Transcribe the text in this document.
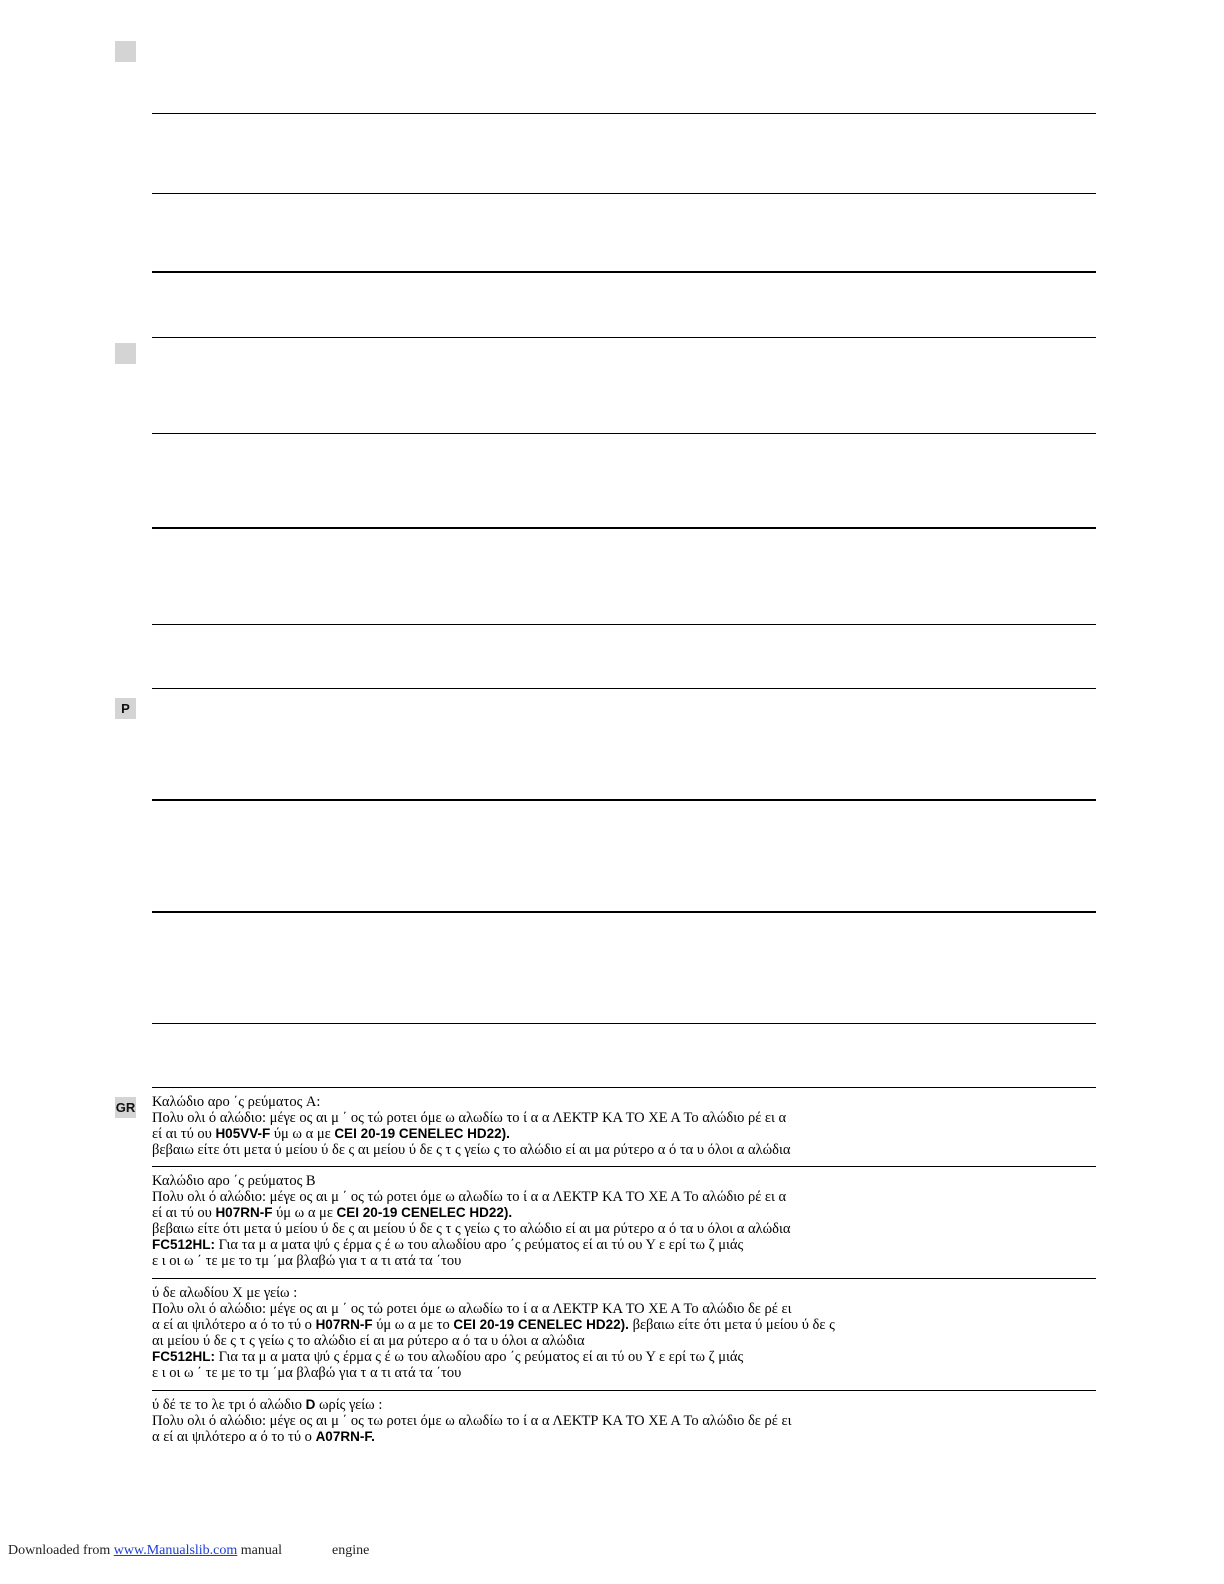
P
GR Καλώδιο αρο ΄ς ρεύματος A:

Πολυ ολι ό αλώδιο: μέγε ος αι μ ΄ ος τώ ροτει όμε ω αλωδίω το ί α α ΛΕΚΤΡ ΚΑ ΤΟ ΧΕ Α Το αλώδιο ρέ ει α

εί αι τύ ου H05VV-F ύμ ω α με CEI 20-19 CENELEC HD22).

βεβαιω είτε ότι μετα ύ μείου ύ δε ς αι μείου ύ δε ς τ ς γείω ς το αλώδιο εί αι μα ρύτερο α ό τα υ όλοι α αλώδια

Καλώδιο αρο ΄ς ρεύματος B

Πολυ ολι ό αλώδιο: μέγε ος αι μ ΄ ος τώ ροτει όμε ω αλωδίω το ί α α ΛΕΚΤΡ ΚΑ ΤΟ ΧΕ Α Το αλώδιο ρέ ει α

εί αι τύ ου H07RN-F ύμ ω α με CEI 20-19 CENELEC HD22).

βεβαιω είτε ότι μετα ύ μείου ύ δε ς αι μείου ύ δε ς τ ς γείω ς το αλώδιο εί αι μα ρύτερο α ό τα υ όλοι α αλώδια

FC512HL: Για τα μ α ματα ψύ ς έρμα ς έ ω του αλωδίου αρο ΄ς ρεύματος εί αι τύ ου Υ ε ερί τω ζ μιάς

ε ι οι ω ΄ τε με το τμ ΄μα βλαβώ για τ α τι ατά τα ΄του

ύ δε αλωδίου Χ με γείω :

Πολυ ολι ό αλώδιο: μέγε ος αι μ ΄ ος τώ ροτει όμε ω αλωδίω το ί α α ΛΕΚΤΡ ΚΑ ΤΟ ΧΕ Α Το αλώδιο δε ρέ ει

α εί αι ψιλότερο α ό το τύ ο H07RN-F ύμ ω α με το CEI 20-19 CENELEC HD22). βεβαιω είτε ότι μετα ύ μείου ύ δε ς

αι μείου ύ δε ς τ ς γείω ς το αλώδιο εί αι μα ρύτερο α ό τα υ όλοι α αλώδια

FC512HL: Για τα μ α ματα ψύ ς έρμα ς έ ω του αλωδίου αρο ΄ς ρεύματος εί αι τύ ου Υ ε ερί τω ζ μιάς

ε ι οι ω ΄ τε με το τμ ΄μα βλαβώ για τ α τι ατά τα ΄του

ύ δέ τε το λε τρι ό αλώδιο D ωρίς γείω :

Πολυ ολι ό αλώδιο: μέγε ος αι μ ΄ ος τω ροτει όμε ω αλωδίω το ί α α ΛΕΚΤΡ ΚΑ ΤΟ ΧΕ Α Το αλώδιο δε ρέ ει

α εί αι ψιλότερο α ό το τύ ο A07RN-F.

Downloaded from www.Manualslib.com manual	engine
